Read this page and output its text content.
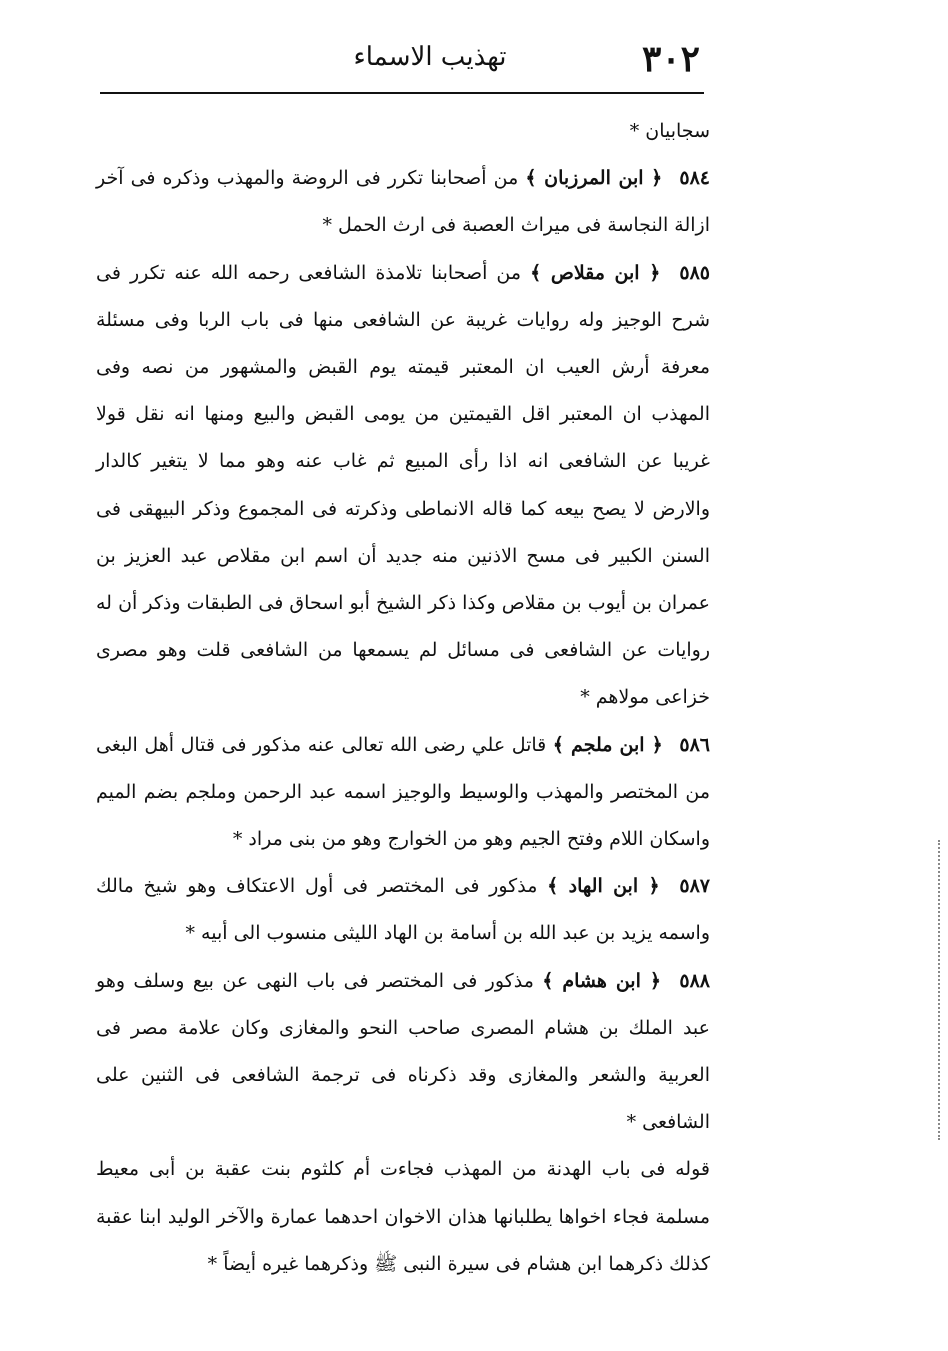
٣٠٢
تهذيب الاسماء

سجابيان *

٥٨٤ ﴿ ابن المرزبان ﴾ من أصحابنا تكرر فى الروضة والمهذب وذكره فى آخر ازالة النجاسة فى ميراث العصبة فى ارث الحمل *

٥٨٥ ﴿ ابن مقلاص ﴾ من أصحابنا تلامذة الشافعى رحمه الله عنه تكرر فى شرح الوجيز وله روايات غريبة عن الشافعى منها فى باب الربا وفى مسئلة معرفة أرش العيب ان المعتبر قيمته يوم القبض والمشهور من نصه وفى المهذب ان المعتبر اقل القيمتين من يومى القبض والبيع ومنها انه نقل قولا غريبا عن الشافعى انه اذا رأى المبيع ثم غاب عنه وهو مما لا يتغير كالدار والارض لا يصح بيعه كما قاله الانماطى وذكرته فى المجموع وذكر البيهقى فى السنن الكبير فى مسح الاذنين منه جديد أن اسم ابن مقلاص عبد العزيز بن عمران بن أيوب بن مقلاص وكذا ذكر الشيخ أبو اسحاق فى الطبقات وذكر أن له روايات عن الشافعى فى مسائل لم يسمعها من الشافعى قلت وهو مصرى خزاعى مولاهم *

٥٨٦ ﴿ ابن ملجم ﴾ قاتل علي رضى الله تعالى عنه مذكور فى قتال أهل البغى من المختصر والمهذب والوسيط والوجيز اسمه عبد الرحمن وملجم بضم الميم واسكان اللام وفتح الجيم وهو من الخوارج وهو من بنى مراد *

٥٨٧ ﴿ ابن الهاد ﴾ مذكور فى المختصر فى أول الاعتكاف وهو شيخ مالك واسمه يزيد بن عبد الله بن أسامة بن الهاد الليثى منسوب الى أبيه *

٥٨٨ ﴿ ابن هشام ﴾ مذكور فى المختصر فى باب النهى عن بيع وسلف وهو عبد الملك بن هشام المصرى صاحب النحو والمغازى وكان علامة مصر فى العربية والشعر والمغازى وقد ذكرناه فى ترجمة الشافعى فى الثنين على الشافعى *

قوله فى باب الهدنة من المهذب فجاءت أم كلثوم بنت عقبة بن أبى معيط مسلمة فجاء اخواها يطلبانها هذان الاخوان احدهما عمارة والآخر الوليد ابنا عقبة كذلك ذكرهما ابن هشام فى سيرة النبى ﷺ وذكرهما غيره أيضاً *
